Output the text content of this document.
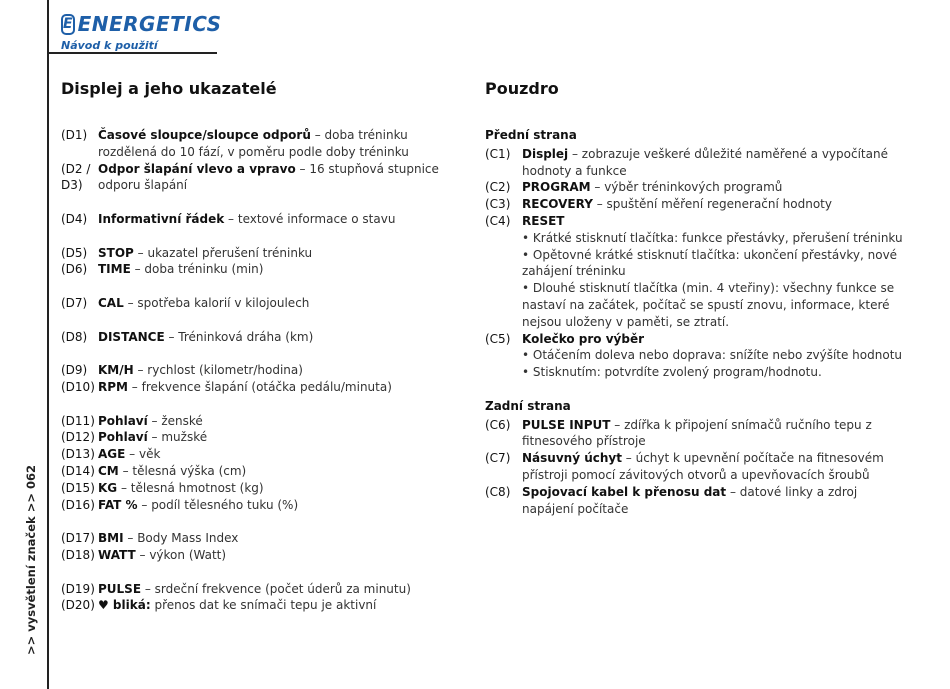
E ENERGETICS
Návod k použití
>> vysvětlení značek >> 062
Displej a jeho ukazatelé
(D1) Časové sloupce/sloupce odporů – doba tréninku rozdělená do 10 fází, v poměru podle doby tréninku
(D2 / D3)
Odpor šlapání vlevo a vpravo – 16 stupňová stupnice odporu šlapání
(D4) Informativní řádek – textové informace o stavu
(D5) STOP – ukazatel přerušení tréninku
(D6) TIME – doba tréninku (min)
(D7) CAL – spotřeba kalorií v kilojoulech
(D8) DISTANCE – Tréninková dráha (km)
(D9) KM/H – rychlost (kilometr/hodina)
(D10) RPM – frekvence šlapání (otáčka pedálu/minuta)
(D11) Pohlaví – ženské
(D12) Pohlaví – mužské
(D13) AGE – věk
(D14) CM – tělesná výška (cm)
(D15) KG – tělesná hmotnost (kg)
(D16) FAT % – podíl tělesného tuku (%)
(D17) BMI – Body Mass Index
(D18) WATT – výkon (Watt)
(D19) PULSE – srdeční frekvence (počet úderů za minutu)
(D20) ♥ bliká: přenos dat ke snímači tepu je aktivní
Pouzdro
Přední strana
(C1) Displej – zobrazuje veškeré důležité naměřené a vypočítané hodnoty a funkce
(C2) PROGRAM – výběr tréninkových programů
(C3) RECOVERY – spuštění měření regenerační hodnoty
(C4) RESET
• Krátké stisknutí tlačítka: funkce přestávky, přerušení tréninku
• Opětovné krátké stisknutí tlačítka: ukončení přestávky, nové zahájení tréninku
• Dlouhé stisknutí tlačítka (min. 4 vteřiny): všechny funkce se nastaví na začátek, počítač se spustí znovu, informace, které nejsou uloženy v paměti, se ztratí.
(C5) Kolečko pro výběr
• Otáčením doleva nebo doprava: snížíte nebo zvýšíte hodnotu
• Stisknutím: potvrdíte zvolený program/hodnotu.
Zadní strana
(C6) PULSE INPUT – zdířka k připojení snímačů ručního tepu z fitnesového přístroje
(C7) Násuvný úchyt – úchyt k upevnění počítače na fitnesovém přístroji pomocí závitových otvorů a upevňovacích šroubů
(C8) Spojovací kabel k přenosu dat – datové linky a zdroj napájení počítače
